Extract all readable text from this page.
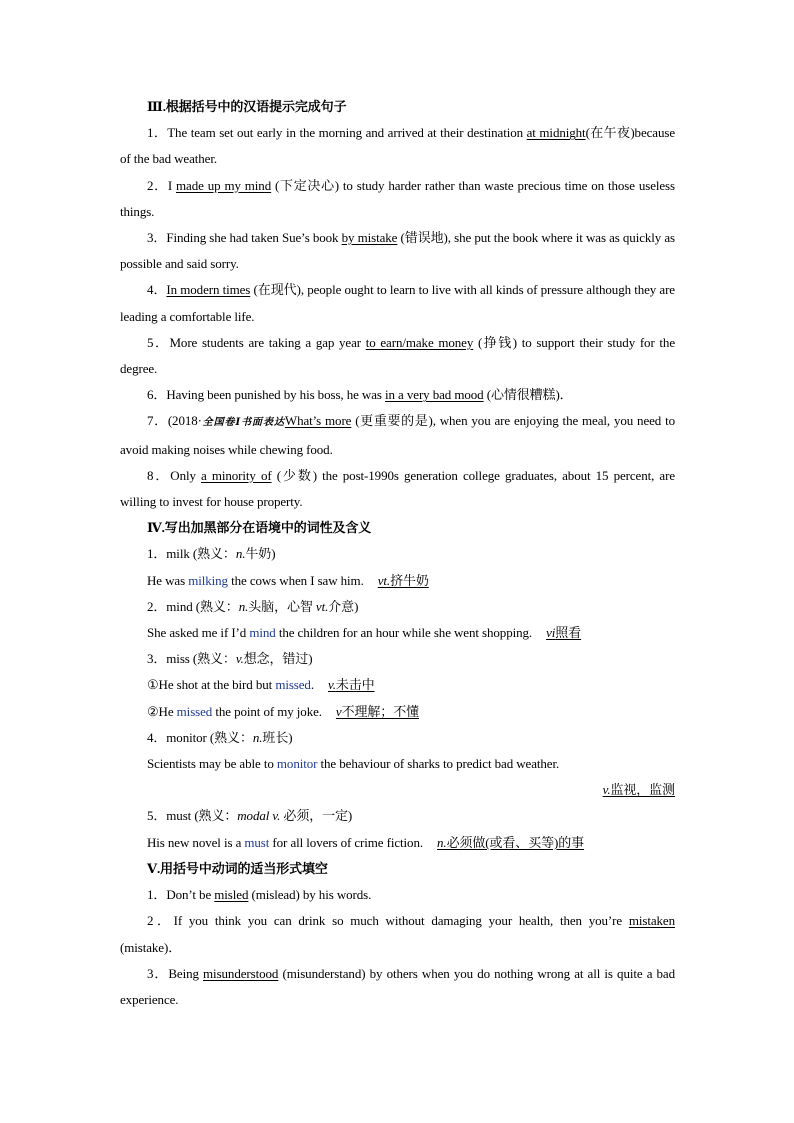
Ⅲ.根据括号中的汉语提示完成句子

1．The team set out early in the morning and arrived at their destination at midnight(在午夜)because of the bad weather.

2．I made up my mind (下定决心) to study harder rather than waste precious time on those useless things.

3．Finding she had taken Sue’s book by mistake (错误地), she put the book where it was as quickly as possible and said sorry.

4．In modern times (在现代), people ought to learn to live with all kinds of pressure although they are leading a comfortable life.

5．More students are taking a gap year to earn/make money (挣钱) to support their study for the degree.

6．Having been punished by his boss, he was in a very bad mood (心情很糟糕)．

7．(2018·全国卷Ⅰ书面表达What’s more (更重要的是), when you are enjoying the meal, you need to avoid making noises while chewing food.

8．Only a minority of (少数) the post-1990s generation college graduates, about 15 percent, are willing to invest for house property.

Ⅳ.写出加黑部分在语境中的词性及含义

1．milk (熟义：n.牛奶)

He was milking the cows when I saw him. vt.挤牛奶

2．mind (熟义：n.头脑，心智 vt.介意)

She asked me if I’d mind the children for an hour while she went shopping. vi照看

3．miss (熟义：v.想念，错过)

①He shot at the bird but missed. v.未击中

②He missed the point of my joke. v不理解；不懂

4．monitor (熟义：n.班长)

Scientists may be able to monitor the behaviour of sharks to predict bad weather.

v.监视，监测

5．must (熟义：modal v. 必须，一定)

His new novel is a must for all lovers of crime fiction. n.必须做(或看、买等)的事

Ⅴ.用括号中动词的适当形式填空

1．Don’t be misled (mislead) by his words.

2．If you think you can drink so much without damaging your health, then you’re mistaken (mistake)．

3．Being misunderstood (misunderstand) by others when you do nothing wrong at all is quite a bad experience.
